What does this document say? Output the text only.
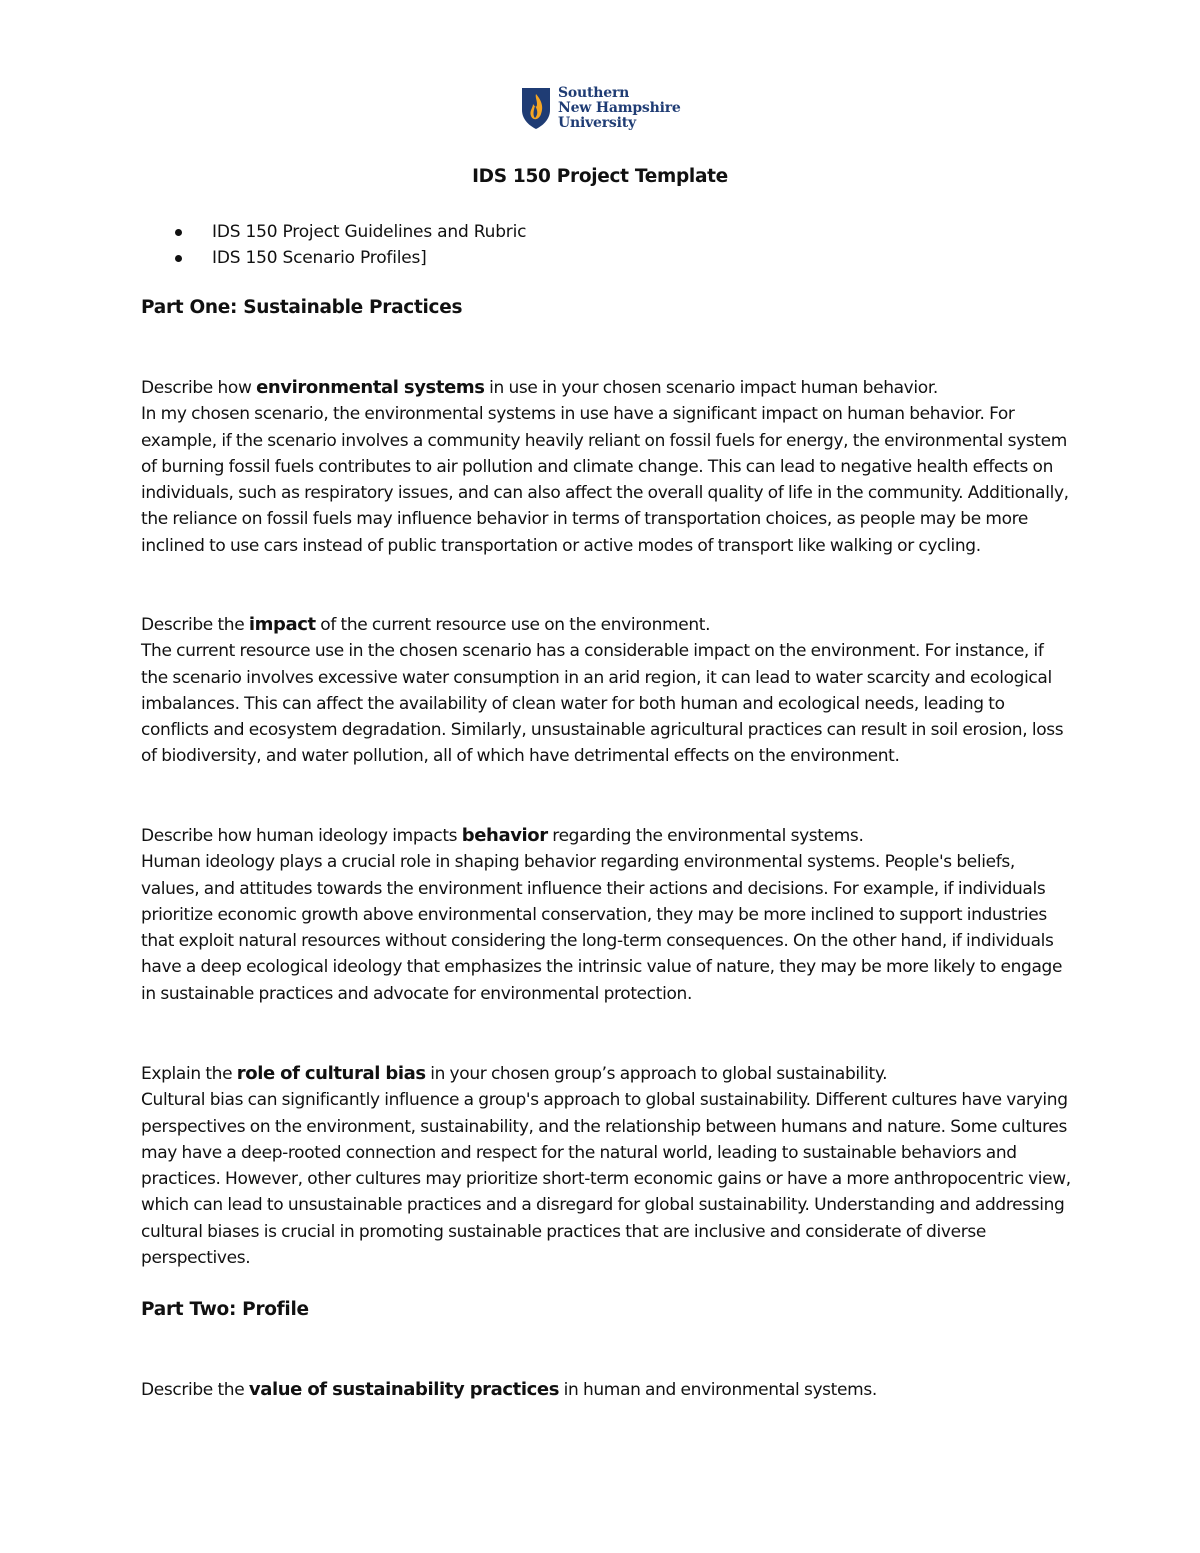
Southern
New Hampshire
University
IDS 150 Project Template
IDS 150 Project Guidelines and Rubric
IDS 150 Scenario Profiles]
Part One: Sustainable Practices

Describe how environmental systems in use in your chosen scenario impact human behavior.

In my chosen scenario, the environmental systems in use have a significant impact on human behavior. For example, if the scenario involves a community heavily reliant on fossil fuels for energy, the environmental system of burning fossil fuels contributes to air pollution and climate change. This can lead to negative health effects on individuals, such as respiratory issues, and can also affect the overall quality of life in the community. Additionally, the reliance on fossil fuels may influence behavior in terms of transportation choices, as people may be more inclined to use cars instead of public transportation or active modes of transport like walking or cycling.

Describe the impact of the current resource use on the environment.

The current resource use in the chosen scenario has a considerable impact on the environment. For instance, if the scenario involves excessive water consumption in an arid region, it can lead to water scarcity and ecological imbalances. This can affect the availability of clean water for both human and ecological needs, leading to conflicts and ecosystem degradation. Similarly, unsustainable agricultural practices can result in soil erosion, loss of biodiversity, and water pollution, all of which have detrimental effects on the environment.

Describe how human ideology impacts behavior regarding the environmental systems.

Human ideology plays a crucial role in shaping behavior regarding environmental systems. People's beliefs, values, and attitudes towards the environment influence their actions and decisions. For example, if individuals prioritize economic growth above environmental conservation, they may be more inclined to support industries that exploit natural resources without considering the long-term consequences. On the other hand, if individuals have a deep ecological ideology that emphasizes the intrinsic value of nature, they may be more likely to engage in sustainable practices and advocate for environmental protection.

Explain the role of cultural bias in your chosen group’s approach to global sustainability.

Cultural bias can significantly influence a group's approach to global sustainability. Different cultures have varying perspectives on the environment, sustainability, and the relationship between humans and nature. Some cultures may have a deep-rooted connection and respect for the natural world, leading to sustainable behaviors and practices. However, other cultures may prioritize short-term economic gains or have a more anthropocentric view, which can lead to unsustainable practices and a disregard for global sustainability. Understanding and addressing cultural biases is crucial in promoting sustainable practices that are inclusive and considerate of diverse perspectives.

Part Two: Profile

Describe the value of sustainability practices in human and environmental systems.
